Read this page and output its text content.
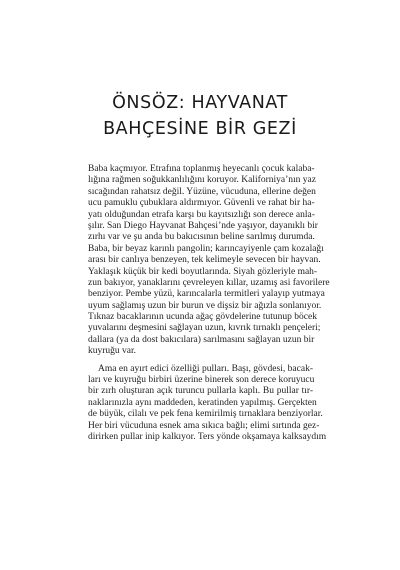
ÖNSÖZ: HAYVANAT
BAHÇESİNE BİR GEZİ
Baba kaçmıyor. Etrafına toplanmış heyecanlı çocuk kalaba-
lığına rağmen soğukkanlılığını koruyor. Kaliforniya’nın yaz
sıcağından rahatsız değil. Yüzüne, vücuduna, ellerine değen
ucu pamuklu çubuklara aldırmıyor. Güvenli ve rahat bir ha-
yatı olduğundan etrafa karşı bu kayıtsızlığı son derece anla-
şılır. San Diego Hayvanat Bahçesi’nde yaşıyor, dayanıklı bir
zırhı var ve şu anda bu bakıcısının beline sarılmış durumda.
Baba, bir beyaz karınlı pangolin; karıncayiyenle çam kozalağı
arası bir canlıya benzeyen, tek kelimeyle sevecen bir hayvan.
Yaklaşık küçük bir kedi boyutlarında. Siyah gözleriyle mah-
zun bakıyor, yanaklarını çevreleyen kıllar, uzamış asi favorilere
benziyor. Pembe yüzü, karıncalarla termitleri yalayıp yutmaya
uyum sağlamış uzun bir burun ve dişsiz bir ağızla sonlanıyor.
Tıknaz bacaklarının ucunda ağaç gövdelerine tutunup böcek
yuvalarını deşmesini sağlayan uzun, kıvrık tırnaklı pençeleri;
dallara (ya da dost bakıcılara) sarılmasını sağlayan uzun bir
kuyruğu var.
Ama en ayırt edici özelliği pulları. Başı, gövdesi, bacak-
ları ve kuyruğu birbiri üzerine binerek son derece koruyucu
bir zırh oluşturan açık turuncu pullarla kaplı. Bu pullar tır-
naklarınızla aynı maddeden, keratinden yapılmış. Gerçekten
de büyük, cilalı ve pek fena kemirilmiş tırnaklara benziyorlar.
Her biri vücuduna esnek ama sıkıca bağlı; elimi sırtında gez-
dirirken pullar inip kalkıyor. Ters yönde okşamaya kalksaydım
